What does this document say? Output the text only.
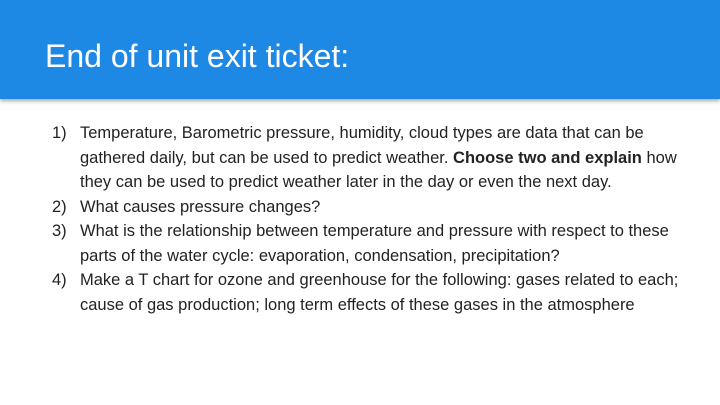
End of unit exit ticket:
1) Temperature, Barometric pressure, humidity, cloud types are data that can be gathered daily, but can be used to predict weather. Choose two and explain how they can be used to predict weather later in the day or even the next day.
2) What causes pressure changes?
3) What is the relationship between temperature and pressure with respect to these parts of the water cycle: evaporation, condensation, precipitation?
4) Make a T chart for ozone and greenhouse for the following: gases related to each; cause of gas production; long term effects of these gases in the atmosphere
